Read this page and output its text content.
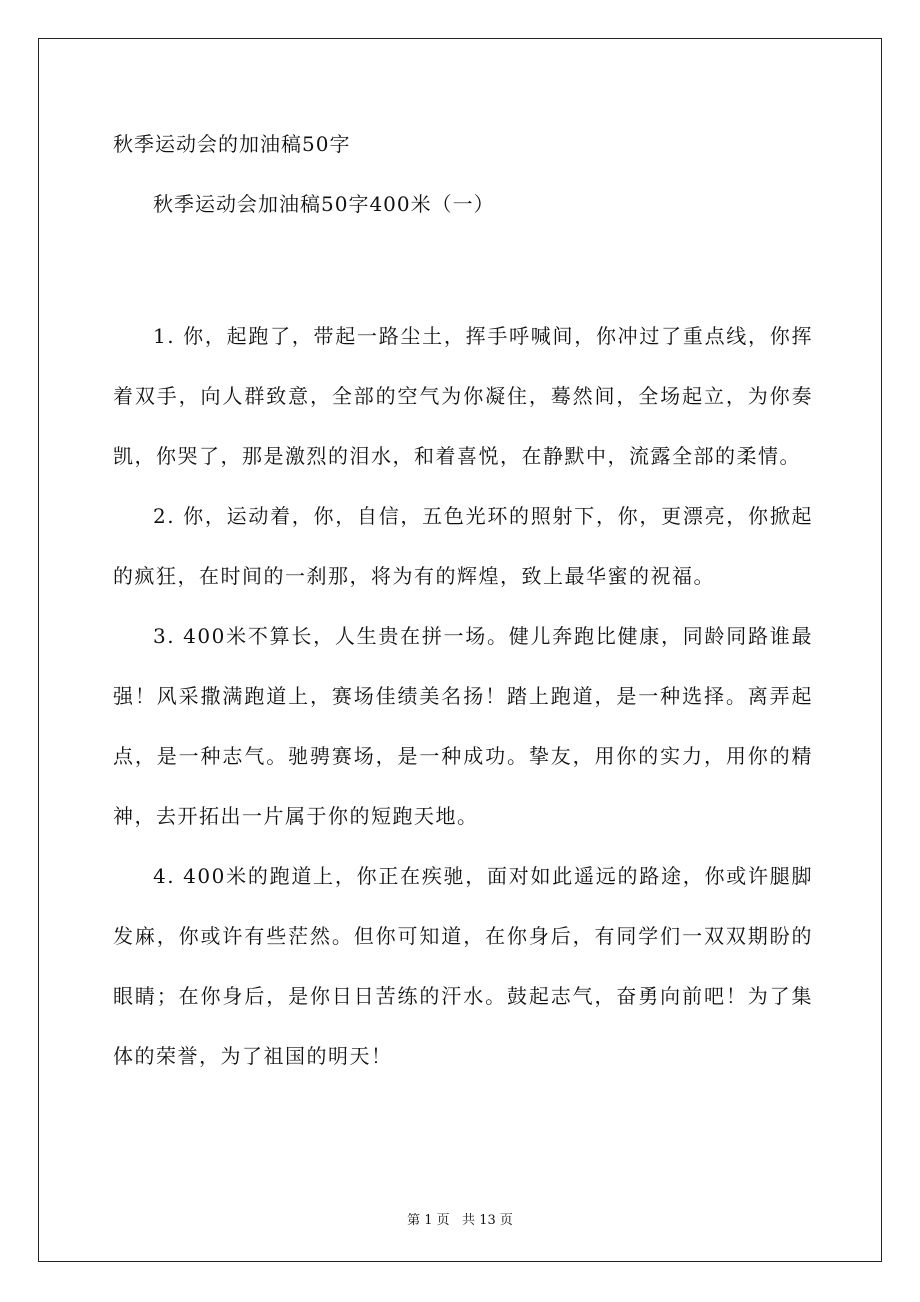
秋季运动会的加油稿50字
秋季运动会加油稿50字400米（一）

1. 你，起跑了，带起一路尘土，挥手呼喊间，你冲过了重点线，你挥着双手，向人群致意，全部的空气为你凝住，蓦然间，全场起立，为你奏凯，你哭了，那是激烈的泪水，和着喜悦，在静默中，流露全部的柔情。

2. 你，运动着，你，自信，五色光环的照射下，你，更漂亮，你掀起的疯狂，在时间的一刹那，将为有的辉煌，致上最华蜜的祝福。

3. 400米不算长，人生贵在拼一场。健儿奔跑比健康，同龄同路谁最强！风采撒满跑道上，赛场佳绩美名扬！踏上跑道，是一种选择。离弄起点，是一种志气。驰骋赛场，是一种成功。挚友，用你的实力，用你的精神，去开拓出一片属于你的短跑天地。

4. 400米的跑道上，你正在疾驰，面对如此遥远的路途，你或许腿脚发麻，你或许有些茫然。但你可知道，在你身后，有同学们一双双期盼的眼睛；在你身后，是你日日苦练的汗水。鼓起志气，奋勇向前吧！为了集体的荣誉，为了祖国的明天！

第 1 页   共 13 页
